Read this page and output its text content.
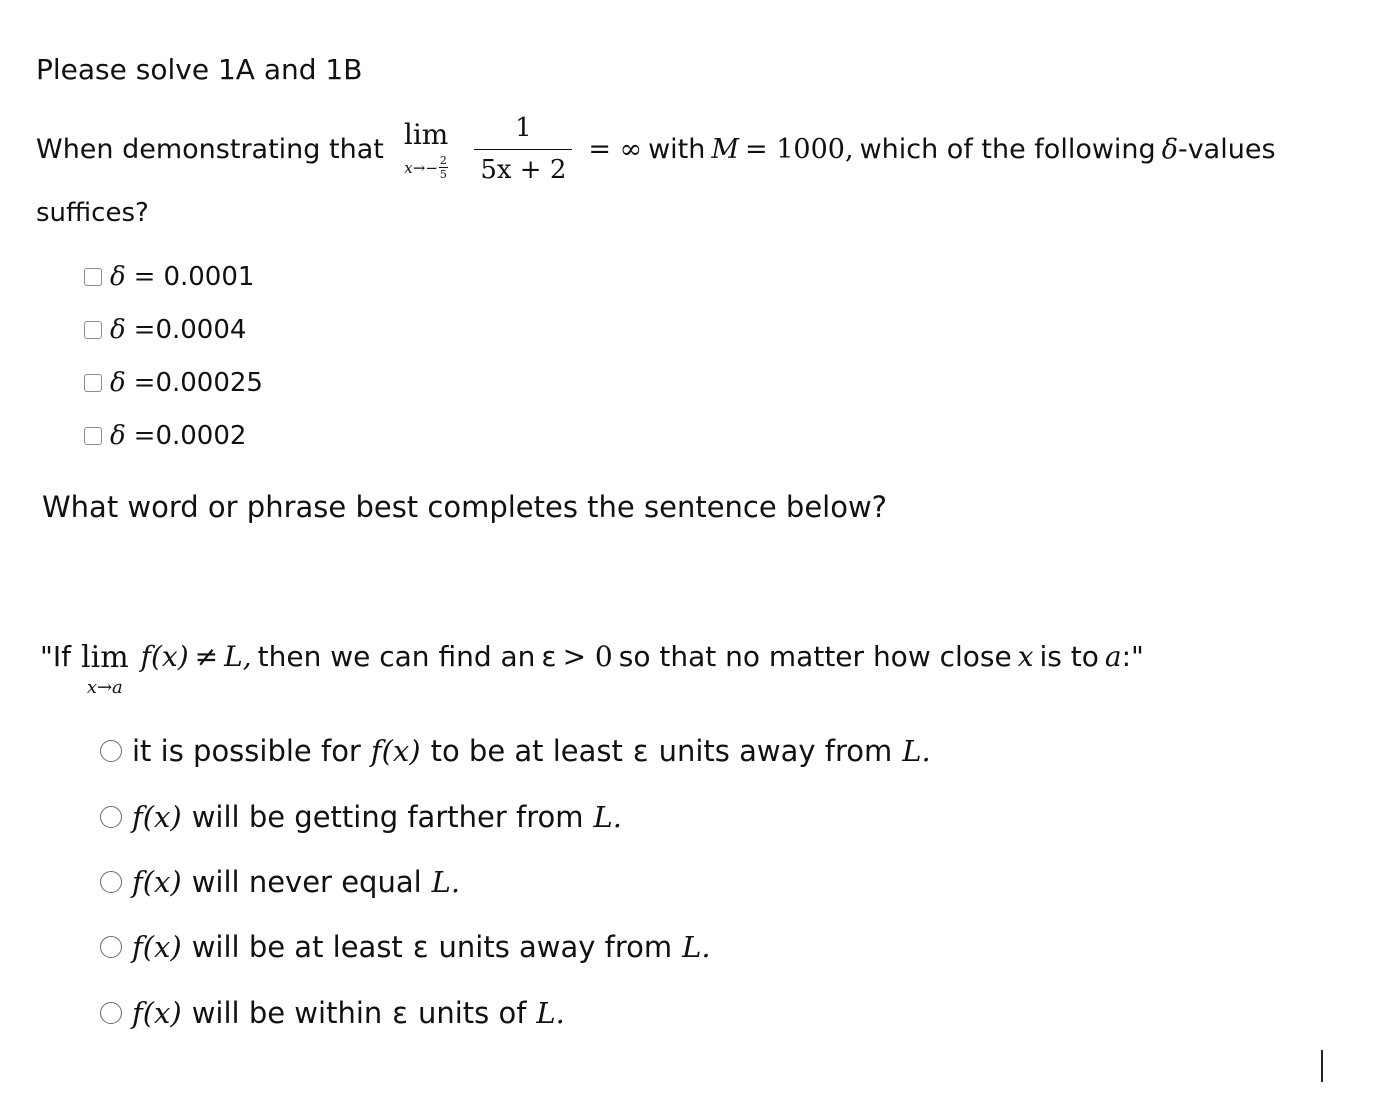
Please solve 1A and 1B
When demonstrating that lim
$x \to- \frac{2}{5} \frac{1}{5x + 2}$ = ∞ with M = 1000, which of the following δ-values
suffices?
δ = 0.0001
δ =0.0004
δ =0.00025
δ =0.0002
What word or phrase best completes the sentence below?
"If lim
x→a
f(x) ≠ L, then we can find an ε > 0 so that no matter how close x is to a:"
it is possible for f(x) to be at least ε units away from L.
f(x) will be getting farther from L.
f(x) will never equal L.
f(x) will be at least ε units away from L.
f(x) will be within ε units of L.
